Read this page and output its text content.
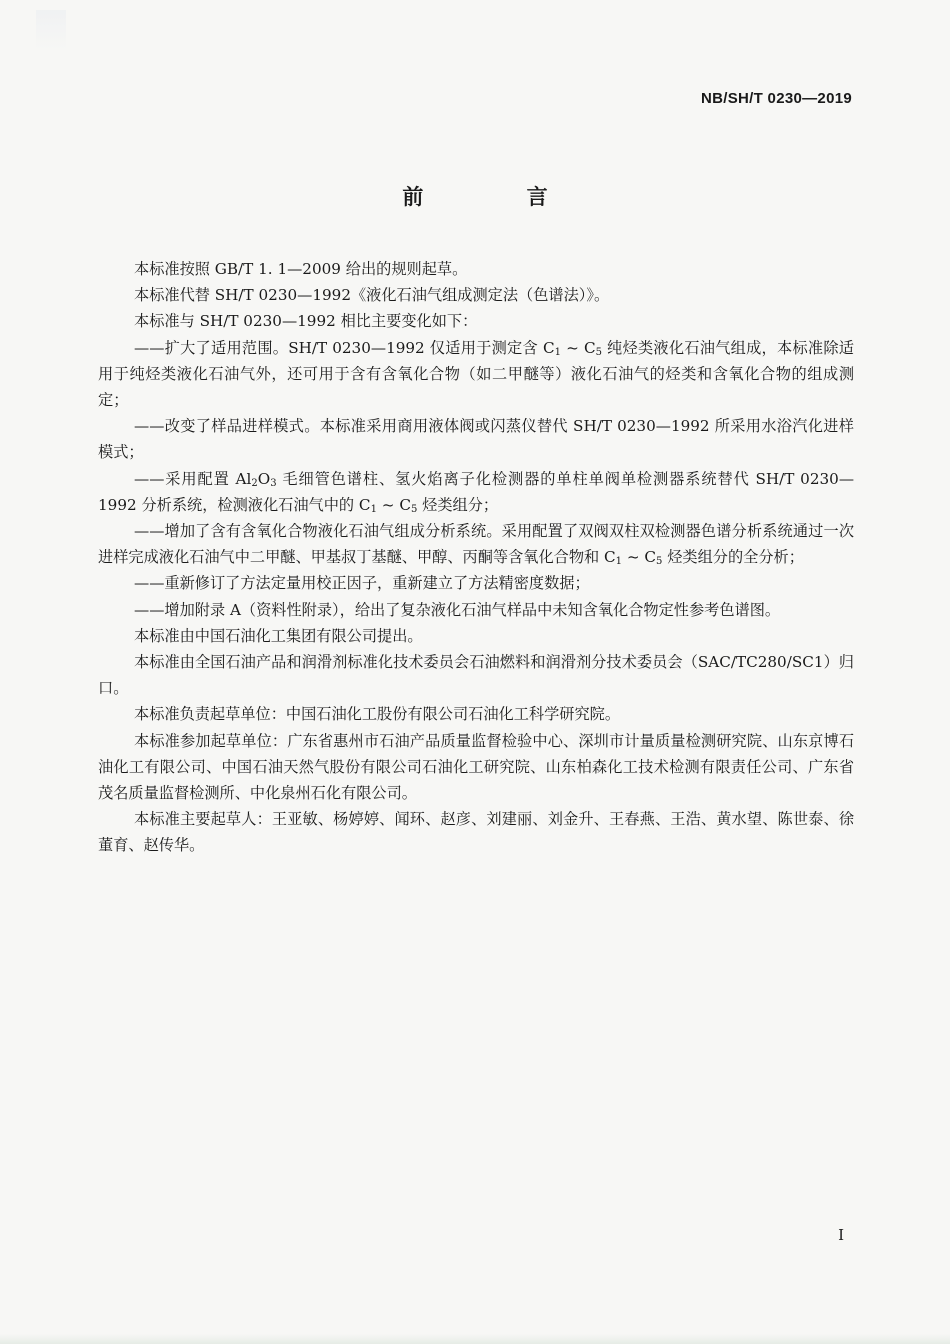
NB/SH/T 0230—2019
前 言

本标准按照 GB/T 1. 1—2009 给出的规则起草。

本标准代替 SH/T 0230—1992《液化石油气组成测定法（色谱法）》。

本标准与 SH/T 0230—1992 相比主要变化如下：

——扩大了适用范围。SH/T 0230—1992 仅适用于测定含 $C_1$ ~ $C_5$ 纯烃类液化石油气组成，本标准除适用于纯烃类液化石油气外，还可用于含有含氧化合物（如二甲醚等）液化石油气的烃类和含氧化合物的组成测定；

——改变了样品进样模式。本标准采用商用液体阀或闪蒸仪替代 SH/T 0230—1992 所采用水浴汽化进样模式；

——采用配置 $Al_2O_3$ 毛细管色谱柱、氢火焰离子化检测器的单柱单阀单检测器系统替代 SH/T 0230—1992 分析系统，检测液化石油气中的 $C_1$ ~ $C_5$ 烃类组分；

——增加了含有含氧化合物液化石油气组成分析系统。采用配置了双阀双柱双检测器色谱分析系统通过一次进样完成液化石油气中二甲醚、甲基叔丁基醚、甲醇、丙酮等含氧化合物和 $C_1$ ~ $C_5$ 烃类组分的全分析；

——重新修订了方法定量用校正因子，重新建立了方法精密度数据；

——增加附录 A（资料性附录），给出了复杂液化石油气样品中未知含氧化合物定性参考色谱图。

本标准由中国石油化工集团有限公司提出。

本标准由全国石油产品和润滑剂标准化技术委员会石油燃料和润滑剂分技术委员会（SAC/TC280/SC1）归口。

本标准负责起草单位：中国石油化工股份有限公司石油化工科学研究院。

本标准参加起草单位：广东省惠州市石油产品质量监督检验中心、深圳市计量质量检测研究院、山东京博石油化工有限公司、中国石油天然气股份有限公司石油化工研究院、山东柏森化工技术检测有限责任公司、广东省茂名质量监督检测所、中化泉州石化有限公司。

本标准主要起草人：王亚敏、杨婷婷、闻环、赵彦、刘建丽、刘金升、王春燕、王浩、黄水望、陈世泰、徐董育、赵传华。

I
